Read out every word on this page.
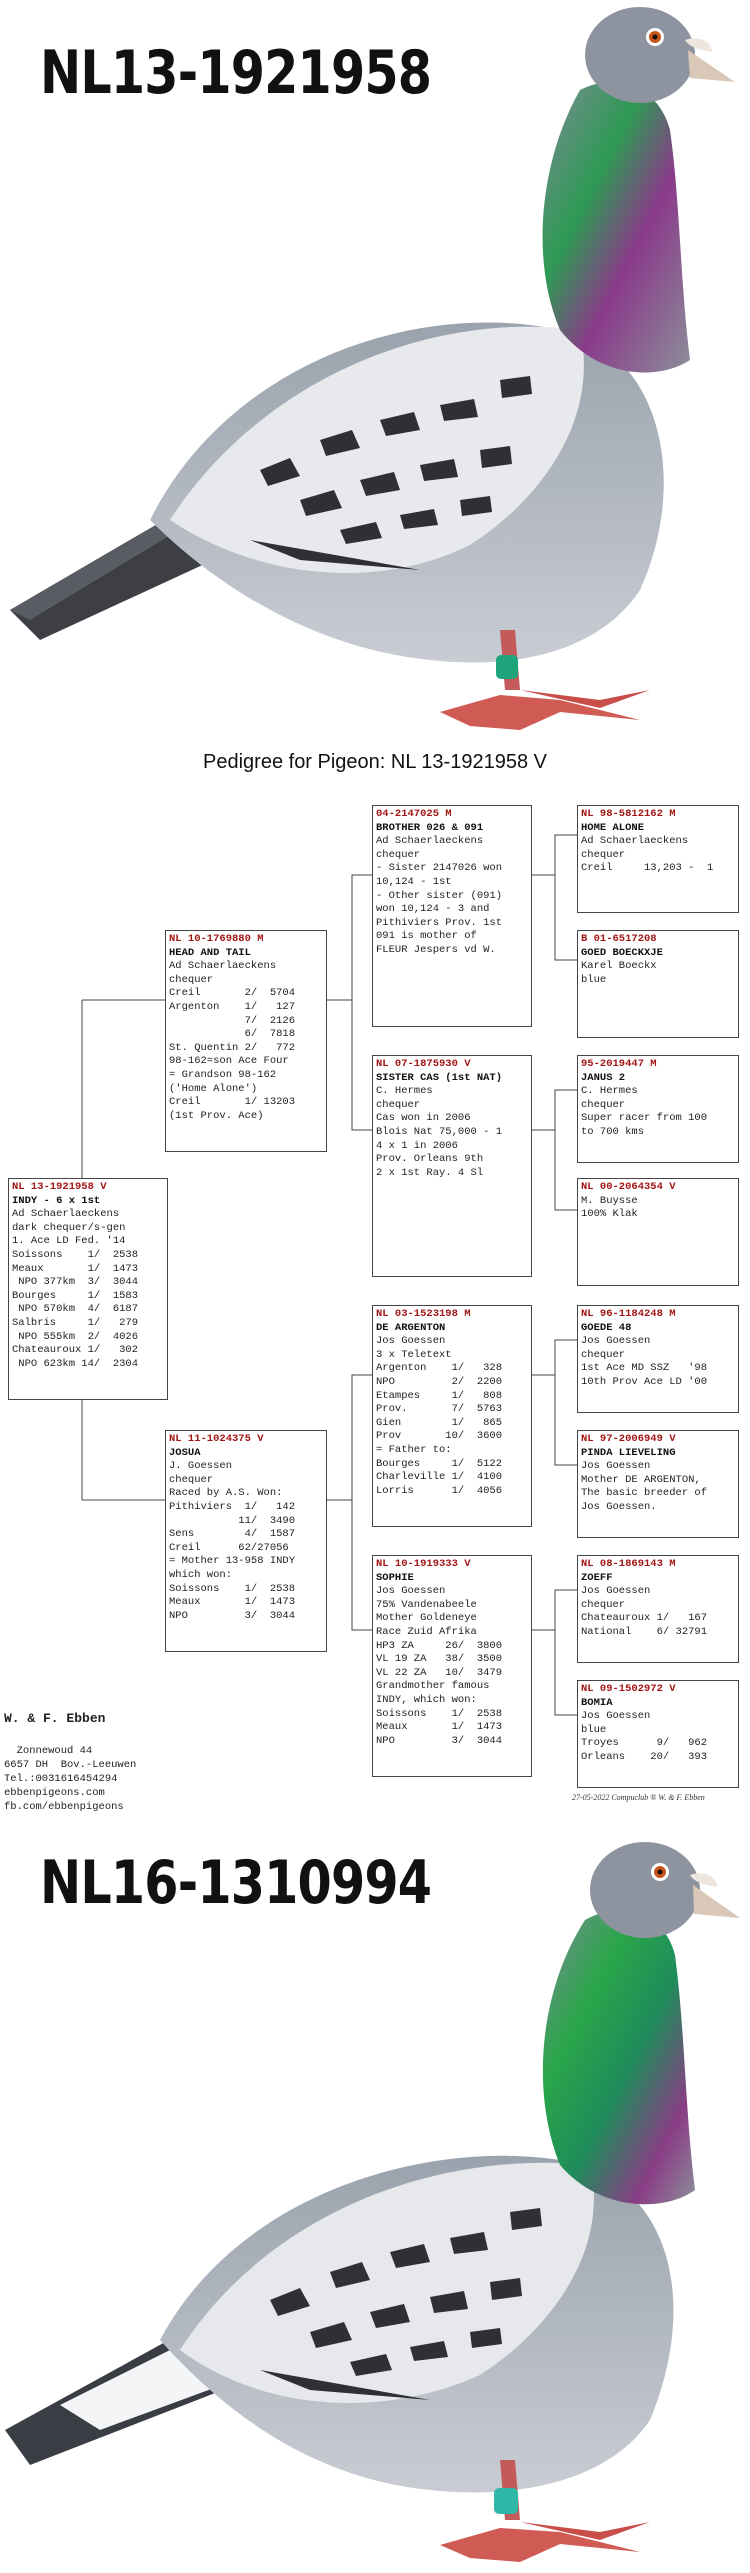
NL13-1921958
Pedigree for Pigeon: NL 13-1921958 V
NL 13-1921958 V
INDY - 6 x 1st
Ad Schaerlaeckens
dark chequer/s-gen
1. Ace LD Fed. '14
Soissons    1/  2538
Meaux       1/  1473
NPO 377km  3/  3044
Bourges     1/  1583
NPO 570km  4/  6187
Salbris     1/   279
NPO 555km  2/  4026
Chateauroux 1/   302
NPO 623km 14/  2304
NL 10-1769880 M
HEAD AND TAIL
Ad Schaerlaeckens
chequer
Creil       2/  5704
Argenton    1/   127
7/  2126
6/  7818
St. Quentin 2/   772
98-162=son Ace Four
= Grandson 98-162
('Home Alone')
Creil       1/ 13203
(1st Prov. Ace)
NL 11-1024375 V
JOSUA
J. Goessen
chequer
Raced by A.S. Won:
Pithiviers  1/   142
11/  3490
Sens        4/  1587
Creil      62/27056
= Mother 13-958 INDY
which won:
Soissons    1/  2538
Meaux       1/  1473
NPO         3/  3044
04-2147025 M
BROTHER 026 & 091
Ad Schaerlaeckens
chequer
- Sister 2147026 won
10,124 - 1st
- Other sister (091)
won 10,124 - 3 and
Pithiviers Prov. 1st
091 is mother of
FLEUR Jespers vd W.
NL 07-1875930 V
SISTER CAS (1st NAT)
C. Hermes
chequer
Cas won in 2006
Blois Nat 75,000 - 1
4 x 1 in 2006
Prov. Orleans 9th
2 x 1st Ray. 4 Sl
NL 03-1523198 M
DE ARGENTON
Jos Goessen
3 x Teletext
Argenton    1/   328
NPO         2/  2200
Etampes     1/   808
Prov.       7/  5763
Gien        1/   865
Prov       10/  3600
= Father to:
Bourges     1/  5122
Charleville 1/  4100
Lorris      1/  4056
NL 10-1919333 V
SOPHIE
Jos Goessen
75% Vandenabeele
Mother Goldeneye
Race Zuid Afrika
HP3 ZA     26/  3800
VL 19 ZA   38/  3500
VL 22 ZA   10/  3479
Grandmother famous
INDY, which won:
Soissons    1/  2538
Meaux       1/  1473
NPO         3/  3044
NL 98-5812162 M
HOME ALONE
Ad Schaerlaeckens
chequer
Creil     13,203 -  1
B 01-6517208
GOED BOECKXJE
Karel Boeckx
blue
95-2019447 M
JANUS 2
C. Hermes
chequer
Super racer from 100
to 700 kms
NL 00-2064354 V
M. Buysse
100% Klak
NL 96-1184248 M
GOEDE 48
Jos Goessen
chequer
1st Ace MD SSZ   '98
10th Prov Ace LD '00
NL 97-2006949 V
PINDA LIEVELING
Jos Goessen
Mother DE ARGENTON,
The basic breeder of
Jos Goessen.
NL 08-1869143 M
ZOEFF
Jos Goessen
chequer
Chateauroux 1/   167
National    6/ 32791
NL 09-1502972 V
BOMIA
Jos Goessen
blue
Troyes      9/   962
Orleans    20/   393

W. & F. Ebben

Zonnewoud 44
6657 DH  Bov.-Leeuwen
Tel.:0031616454294
ebbenpigeons.com
fb.com/ebbenpigeons

27-05-2022 Compuclub ® W. & F. Ebben
NL16-1310994
